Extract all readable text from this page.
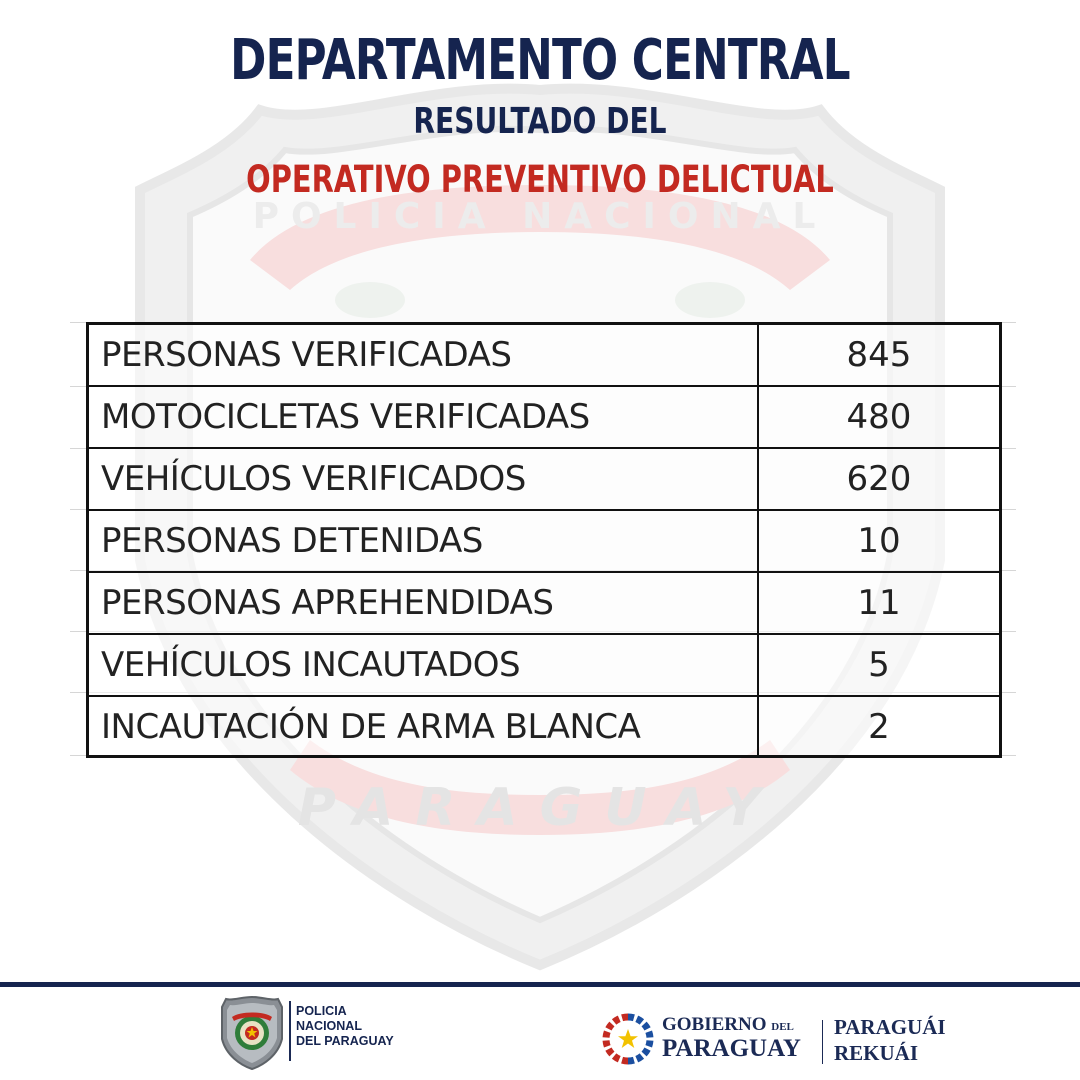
POLICIA NACIONAL
PARAGUAY
DEPARTAMENTO CENTRAL
RESULTADO DEL
OPERATIVO PREVENTIVO DELICTUAL
PERSONAS VERIFICADAS	845
MOTOCICLETAS VERIFICADAS	480
VEHÍCULOS VERIFICADOS	620
PERSONAS DETENIDAS	10
PERSONAS APREHENDIDAS	11
VEHÍCULOS INCAUTADOS	5
INCAUTACIÓN DE ARMA BLANCA	2
POLICIA
NACIONAL
DEL PARAGUAY
GOBIERNO DEL
PARAGUAY
PARAGUÁI
REKUÁI
